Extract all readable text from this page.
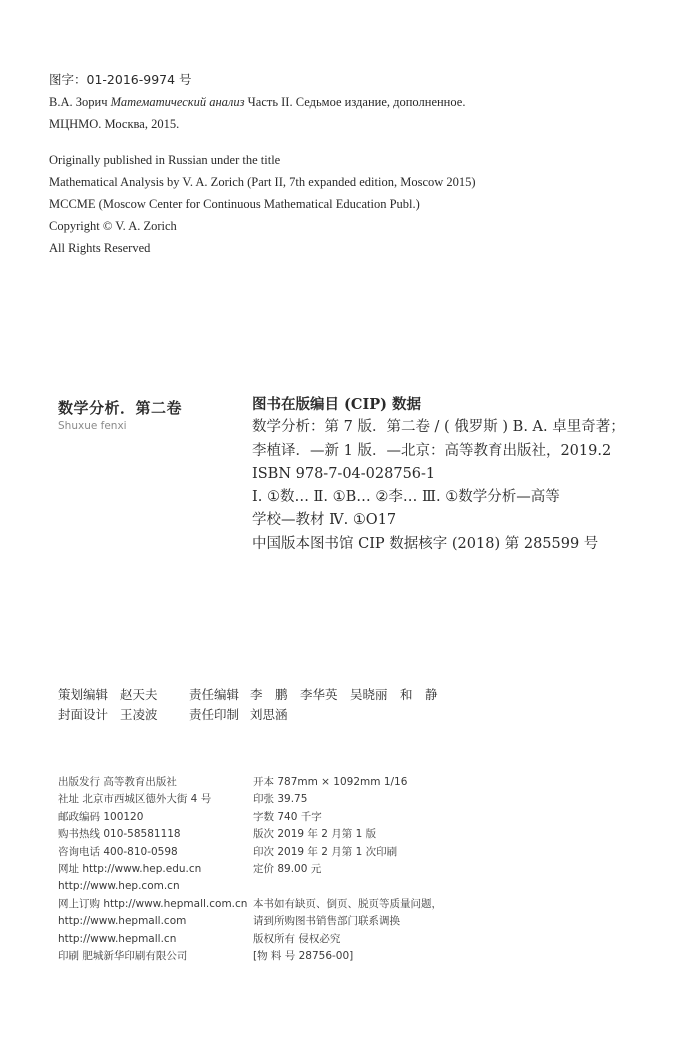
图字：01-2016-9974 号
В.А. Зорич Математический анализ Часть II. Седьмое издание, дополненное.
МЦНМО. Москва, 2015.
Originally published in Russian under the title
Mathematical Analysis by V. A. Zorich (Part II, 7th expanded edition, Moscow 2015)
MCCME (Moscow Center for Continuous Mathematical Education Publ.)
Copyright © V. A. Zorich
All Rights Reserved
数学分析．第二卷
Shuxue fenxi
图书在版编目 (CIP) 数据
数学分析：第 7 版．第二卷 / ( 俄罗斯 ) B. A. 卓里奇著；
李植译．—新 1 版．—北京：高等教育出版社，2019.2
ISBN 978-7-04-028756-1
Ⅰ. ①数… Ⅱ. ①B… ②李… Ⅲ. ①数学分析—高等
学校—教材 Ⅳ. ①O17
中国版本图书馆 CIP 数据核字 (2018) 第 285599 号
策划编辑 赵天夫	责任编辑 李　鹏　李华英　吴晓丽　和　静
封面设计 王凌波	责任印制 刘思涵
出版发行 高等教育出版社
社址 北京市西城区德外大街 4 号
邮政编码 100120
购书热线 010-58581118
咨询电话 400-810-0598
网址 http://www.hep.edu.cn
http://www.hep.com.cn
网上订购 http://www.hepmall.com.cn
http://www.hepmall.com
http://www.hepmall.cn
印刷 肥城新华印刷有限公司
开本 787mm × 1092mm 1/16
印张 39.75
字数 740 千字
版次 2019 年 2 月第 1 版
印次 2019 年 2 月第 1 次印刷
定价 89.00 元
本书如有缺页、倒页、脱页等质量问题，
请到所购图书销售部门联系调换
版权所有 侵权必究
[物 料 号 28756-00]
